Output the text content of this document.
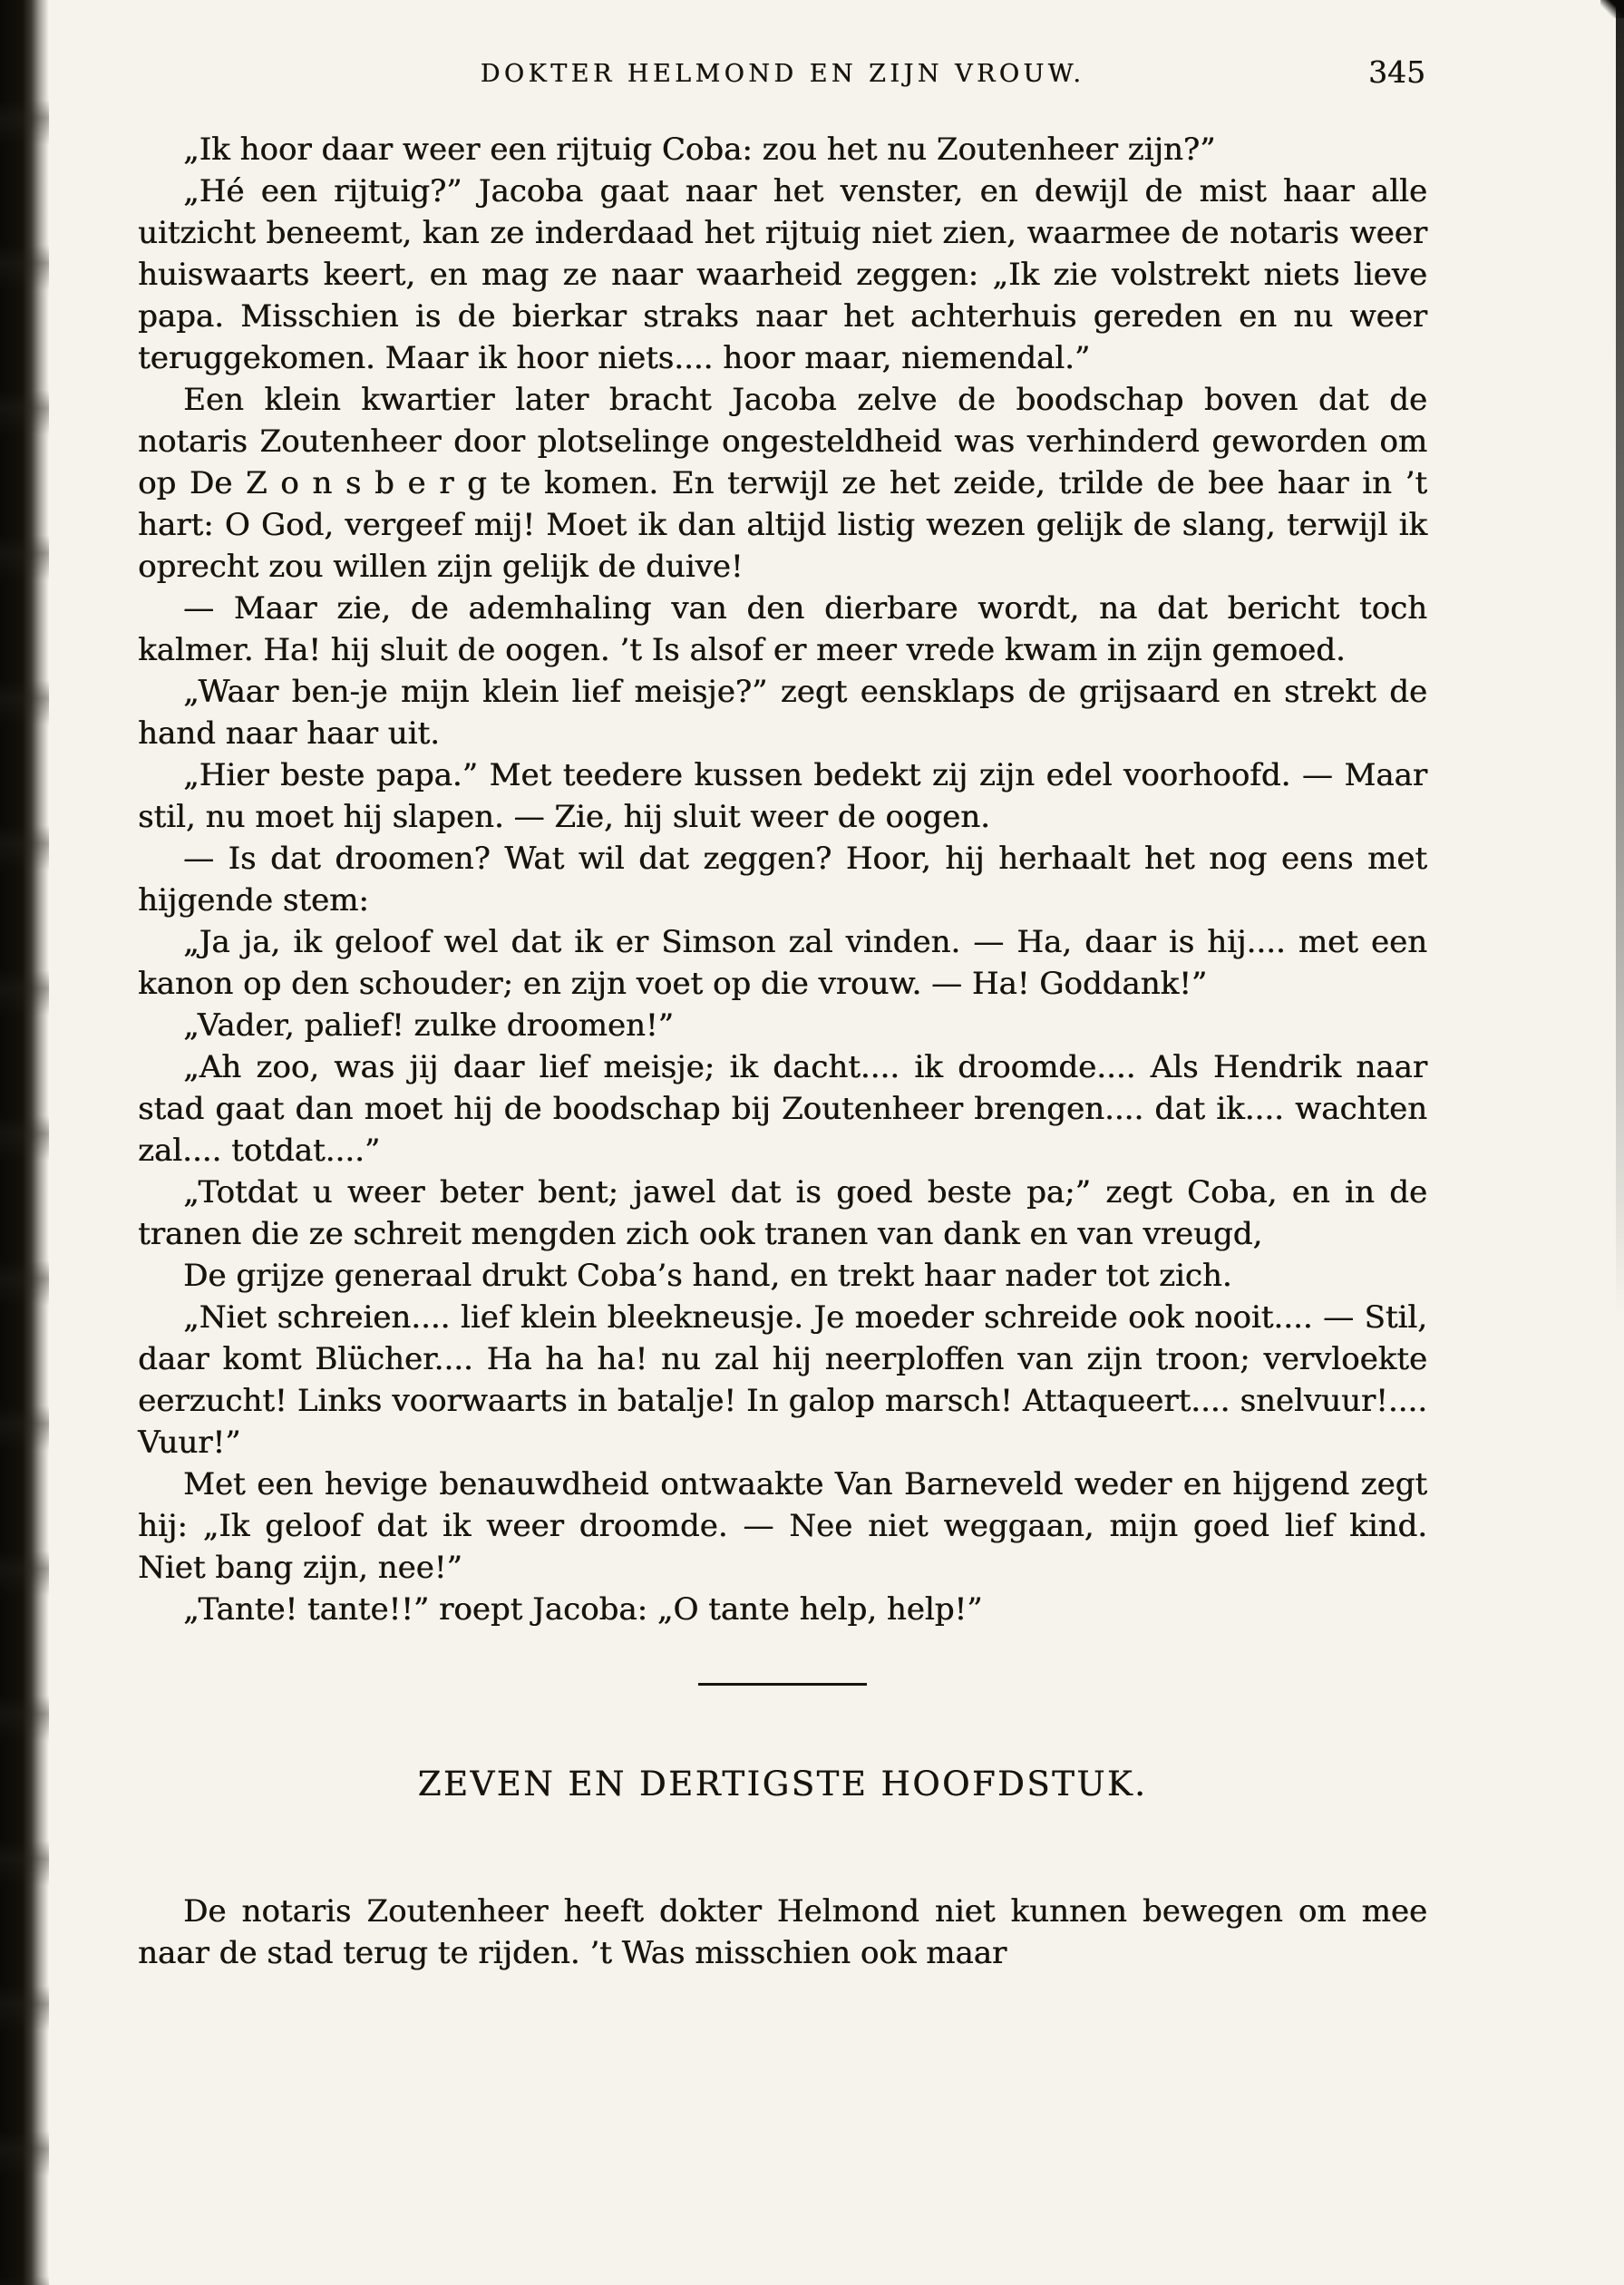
DOKTER HELMOND EN ZIJN VROUW.	345

„Ik hoor daar weer een rijtuig Coba: zou het nu Zoutenheer zijn?”

„Hé een rijtuig?” Jacoba gaat naar het venster, en dewijl de mist haar alle uitzicht beneemt, kan ze inderdaad het rijtuig niet zien, waarmee de notaris weer huiswaarts keert, en mag ze naar waarheid zeggen: „Ik zie volstrekt niets lieve papa. Misschien is de bierkar straks naar het achterhuis gereden en nu weer teruggekomen. Maar ik hoor niets.... hoor maar, niemendal.”

Een klein kwartier later bracht Jacoba zelve de boodschap boven dat de notaris Zoutenheer door plotselinge ongesteldheid was verhinderd geworden om op De Z o n s b e r g te komen. En terwijl ze het zeide, trilde de bee haar in ’t hart: O God, vergeef mij! Moet ik dan altijd listig wezen gelijk de slang, terwijl ik oprecht zou willen zijn gelijk de duive!

— Maar zie, de ademhaling van den dierbare wordt, na dat bericht toch kalmer. Ha! hij sluit de oogen. ’t Is alsof er meer vrede kwam in zijn gemoed.

„Waar ben-je mijn klein lief meisje?” zegt eensklaps de grijsaard en strekt de hand naar haar uit.

„Hier beste papa.” Met teedere kussen bedekt zij zijn edel voorhoofd. — Maar stil, nu moet hij slapen. — Zie, hij sluit weer de oogen.

— Is dat droomen? Wat wil dat zeggen? Hoor, hij herhaalt het nog eens met hijgende stem:

„Ja ja, ik geloof wel dat ik er Simson zal vinden. — Ha, daar is hij.... met een kanon op den schouder; en zijn voet op die vrouw. — Ha! Goddank!”

„Vader, palief! zulke droomen!”

„Ah zoo, was jij daar lief meisje; ik dacht.... ik droomde.... Als Hendrik naar stad gaat dan moet hij de boodschap bij Zoutenheer brengen.... dat ik.... wachten zal.... totdat....”

„Totdat u weer beter bent; jawel dat is goed beste pa;” zegt Coba, en in de tranen die ze schreit mengden zich ook tranen van dank en van vreugd,

De grijze generaal drukt Coba’s hand, en trekt haar nader tot zich.

„Niet schreien.... lief klein bleekneusje. Je moeder schreide ook nooit.... — Stil, daar komt Blücher.... Ha ha ha! nu zal hij neerploffen van zijn troon; vervloekte eerzucht! Links voorwaarts in batalje! In galop marsch! Attaqueert.... snelvuur!.... Vuur!”

Met een hevige benauwdheid ontwaakte Van Barneveld weder en hijgend zegt hij: „Ik geloof dat ik weer droomde. — Nee niet weggaan, mijn goed lief kind. Niet bang zijn, nee!”

„Tante! tante!!” roept Jacoba: „O tante help, help!”

ZEVEN EN DERTIGSTE HOOFDSTUK.

De notaris Zoutenheer heeft dokter Helmond niet kunnen bewegen om mee naar de stad terug te rijden. ’t Was misschien ook maar
